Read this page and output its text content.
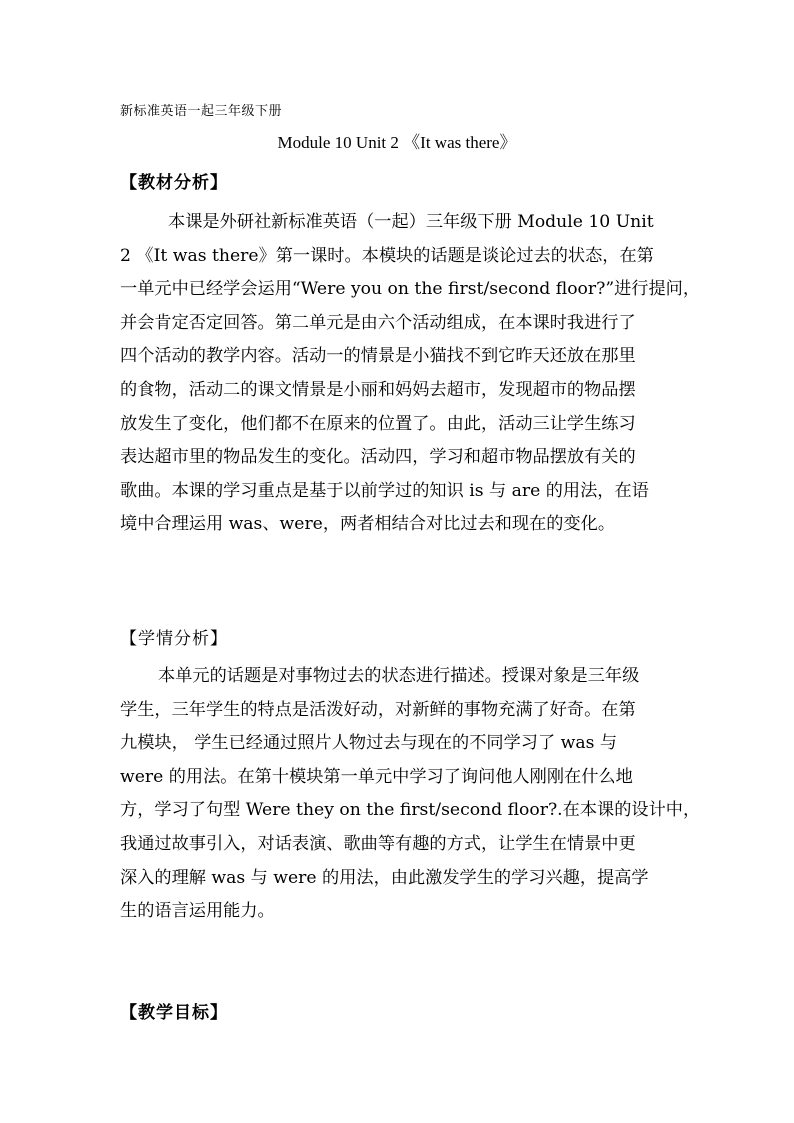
新标准英语一起三年级下册
Module 10 Unit 2 《It was there》
【教材分析】
本课是外研社新标准英语（一起）三年级下册 Module 10 Unit
2 《It was there》第一课时。本模块的话题是谈论过去的状态，在第
一单元中已经学会运用“Were you on the first/second floor?”进行提问，
并会肯定否定回答。第二单元是由六个活动组成，在本课时我进行了
四个活动的教学内容。活动一的情景是小猫找不到它昨天还放在那里
的食物，活动二的课文情景是小丽和妈妈去超市，发现超市的物品摆
放发生了变化，他们都不在原来的位置了。由此，活动三让学生练习
表达超市里的物品发生的变化。活动四，学习和超市物品摆放有关的
歌曲。本课的学习重点是基于以前学过的知识 is 与 are 的用法，在语
境中合理运用 was、were，两者相结合对比过去和现在的变化。
【学情分析】
本单元的话题是对事物过去的状态进行描述。授课对象是三年级
学生，三年学生的特点是活泼好动，对新鲜的事物充满了好奇。在第
九模块， 学生已经通过照片人物过去与现在的不同学习了 was 与
were 的用法。在第十模块第一单元中学习了询问他人刚刚在什么地
方，学习了句型 Were they on the first/second floor?.在本课的设计中，
我通过故事引入，对话表演、歌曲等有趣的方式，让学生在情景中更
深入的理解 was 与 were 的用法，由此激发学生的学习兴趣，提高学
生的语言运用能力。
【教学目标】
